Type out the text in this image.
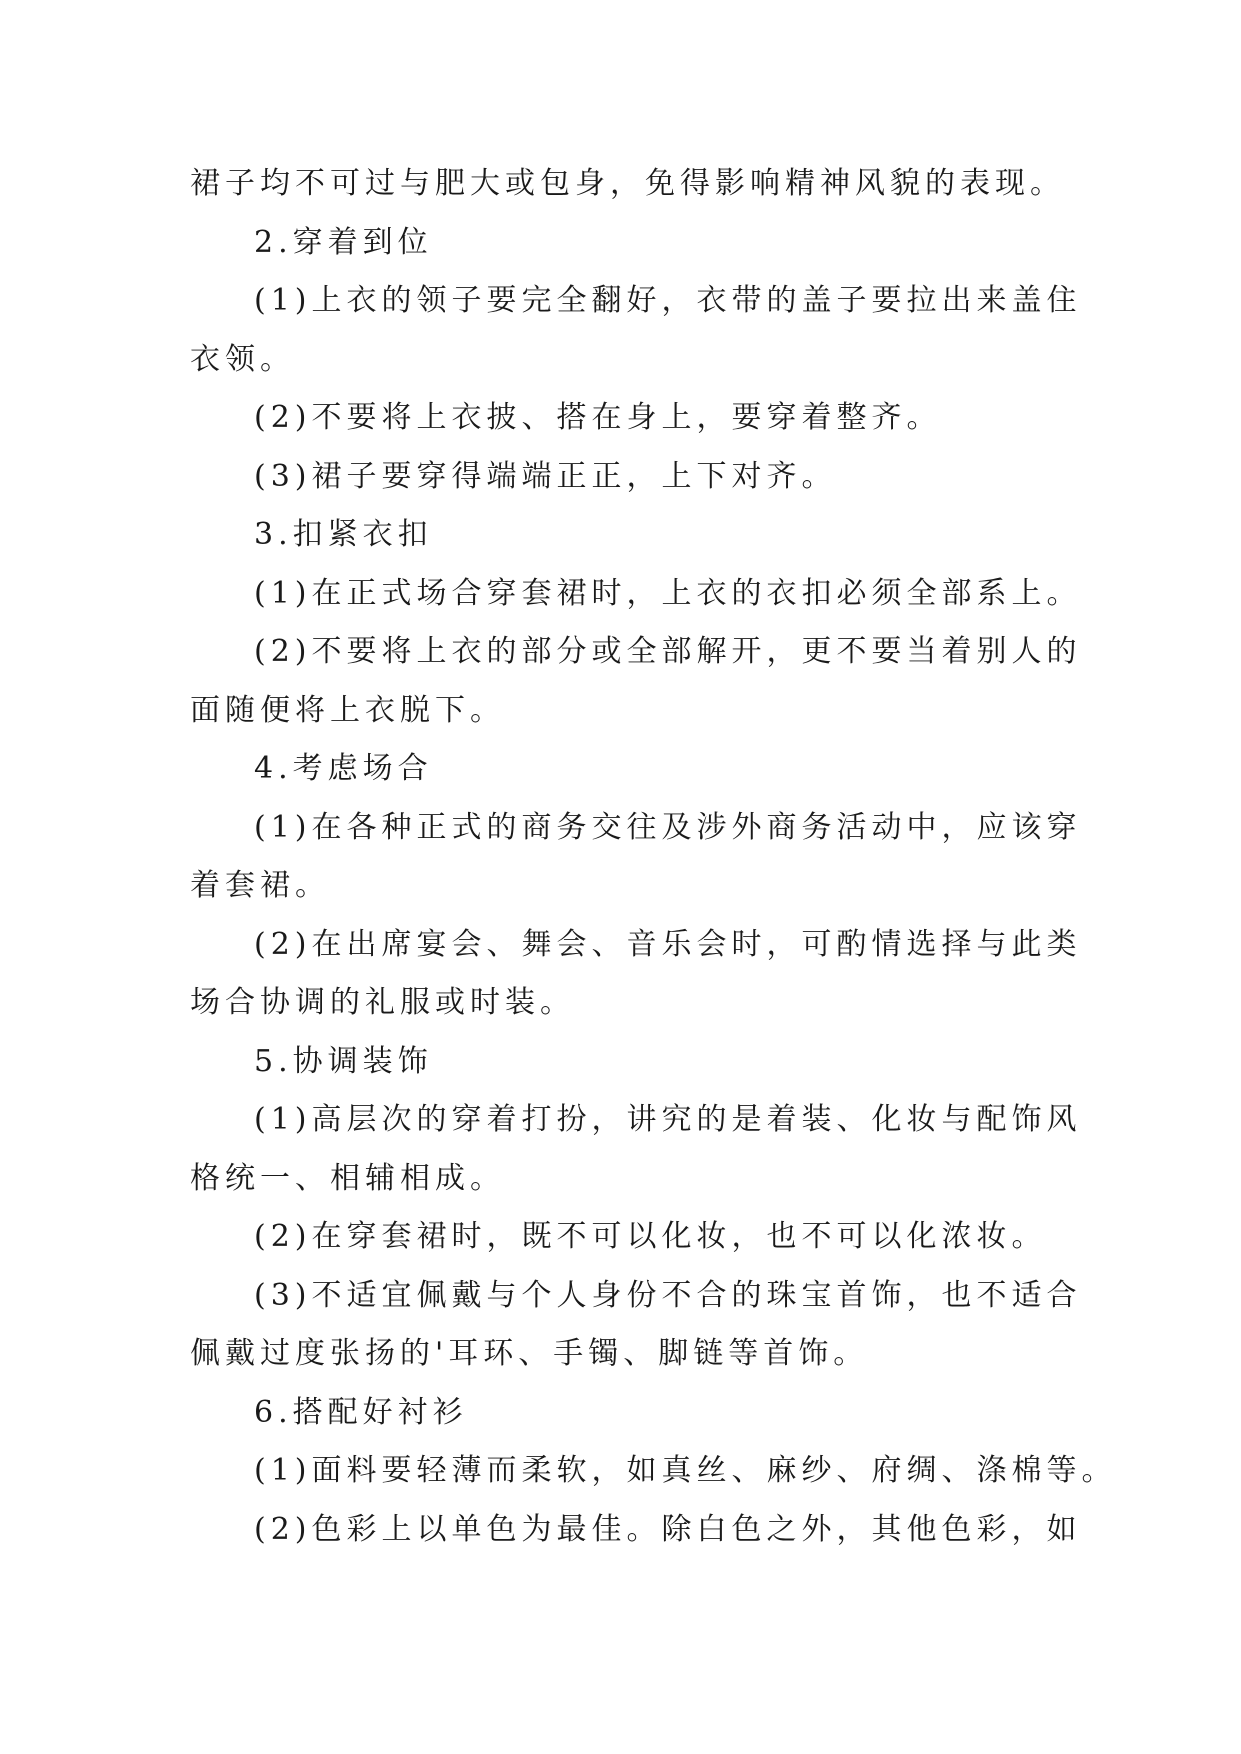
裙子均不可过与肥大或包身，免得影响精神风貌的表现。

2.穿着到位

(1)上衣的领子要完全翻好，衣带的盖子要拉出来盖住

衣领。

(2)不要将上衣披、搭在身上，要穿着整齐。

(3)裙子要穿得端端正正，上下对齐。

3.扣紧衣扣

(1)在正式场合穿套裙时，上衣的衣扣必须全部系上。

(2)不要将上衣的部分或全部解开，更不要当着别人的

面随便将上衣脱下。

4.考虑场合

(1)在各种正式的商务交往及涉外商务活动中，应该穿

着套裙。

(2)在出席宴会、舞会、音乐会时，可酌情选择与此类

场合协调的礼服或时装。

5.协调装饰

(1)高层次的穿着打扮，讲究的是着装、化妆与配饰风

格统一、相辅相成。

(2)在穿套裙时，既不可以化妆，也不可以化浓妆。

(3)不适宜佩戴与个人身份不合的珠宝首饰，也不适合

佩戴过度张扬的'耳环、手镯、脚链等首饰。

6.搭配好衬衫

(1)面料要轻薄而柔软，如真丝、麻纱、府绸、涤棉等。

(2)色彩上以单色为最佳。除白色之外，其他色彩，如
